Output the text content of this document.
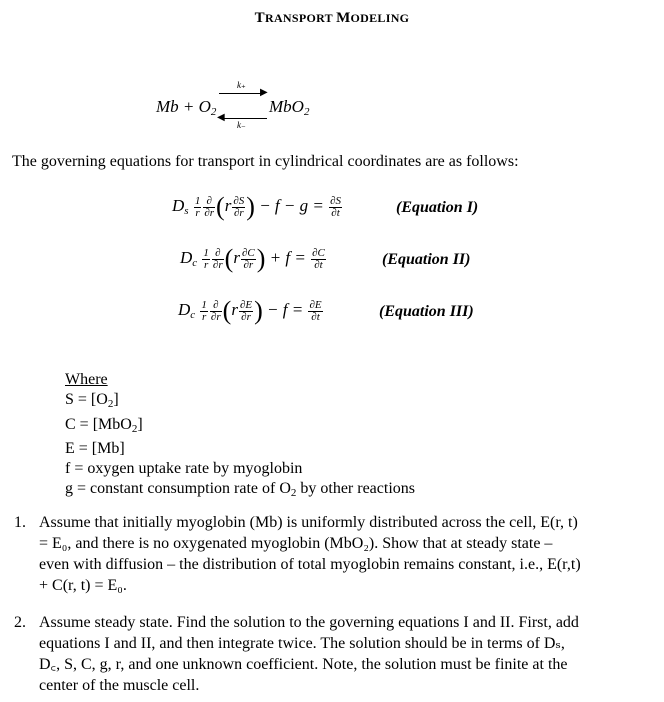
TRANSPORT MODELING
$Mb + O_2$
k₊
▶
◀
k₋
MbO$_2$
The governing equations for transport in cylindrical coordinates are as follows:
$D_s \frac{1}{r} \frac{\partial}{\partial r} (r \frac{\partial S}{\partial r}$ ) − $f - g = \frac{\partial S}{\partial t}$	(Equation I)
$D_c \frac{1}{r} \frac{\partial}{\partial r} (r \frac{\partial C}{\partial r}$ ) + $f = \frac{\partial C}{\partial t}$	(Equation II)
$D_c \frac{1}{r} \frac{\partial}{\partial r} (r \frac{\partial E}{\partial r}$ ) − $f = \frac{\partial E}{\partial t}$	(Equation III)
Where
$S = [O_2]$
C = [MbO$_2$]
E = [Mb]
f = oxygen uptake rate by myoglobin
g = constant consumption rate of $O_2$ by other reactions
1. Assume that initially myoglobin (Mb) is uniformly distributed across the cell, E(r, t)
= E₀, and there is no oxygenated myoglobin (MbO₂). Show that at steady state –
even with diffusion – the distribution of total myoglobin remains constant, i.e., E(r,t)
+ C(r, t) = E₀.
2. Assume steady state. Find the solution to the governing equations I and II. First, add
equations I and II, and then integrate twice. The solution should be in terms of Dₛ,
D꜀, S, C, g, r, and one unknown coefficient. Note, the solution must be finite at the
center of the muscle cell.
